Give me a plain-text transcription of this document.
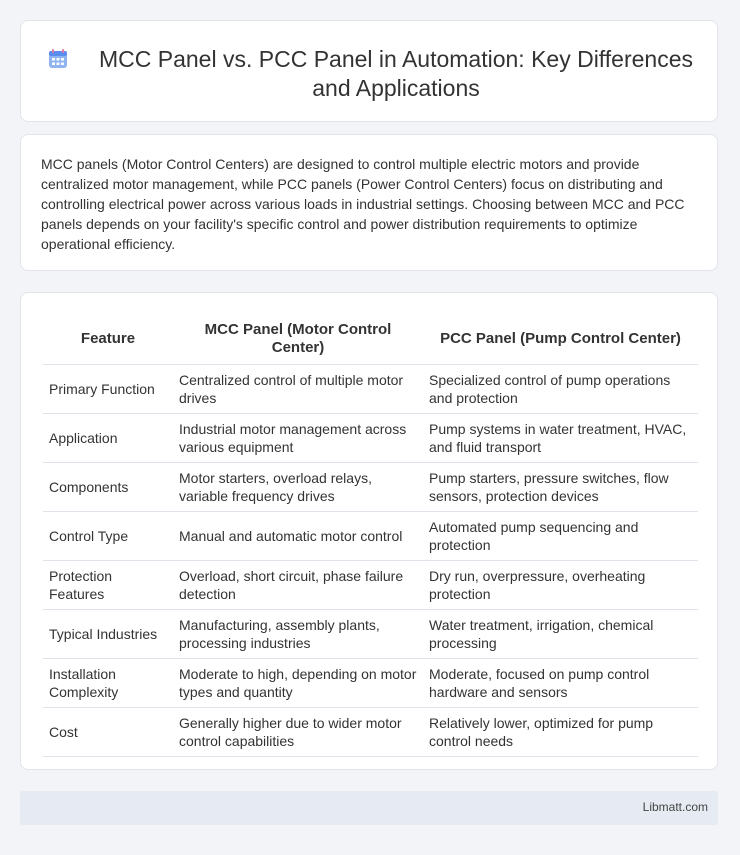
MCC Panel vs. PCC Panel in Automation: Key Differences and Applications
MCC panels (Motor Control Centers) are designed to control multiple electric motors and provide centralized motor management, while PCC panels (Power Control Centers) focus on distributing and controlling electrical power across various loads in industrial settings. Choosing between MCC and PCC panels depends on your facility's specific control and power distribution requirements to optimize operational efficiency.
Feature	MCC Panel (Motor Control Center)	PCC Panel (Pump Control Center)
Primary Function	Centralized control of multiple motor drives	Specialized control of pump operations and protection
Application	Industrial motor management across various equipment	Pump systems in water treatment, HVAC, and fluid transport
Components	Motor starters, overload relays, variable frequency drives	Pump starters, pressure switches, flow sensors, protection devices
Control Type	Manual and automatic motor control	Automated pump sequencing and protection
Protection Features	Overload, short circuit, phase failure detection	Dry run, overpressure, overheating protection
Typical Industries	Manufacturing, assembly plants, processing industries	Water treatment, irrigation, chemical processing
Installation Complexity	Moderate to high, depending on motor types and quantity	Moderate, focused on pump control hardware and sensors
Cost	Generally higher due to wider motor control capabilities	Relatively lower, optimized for pump control needs
Libmatt.com
